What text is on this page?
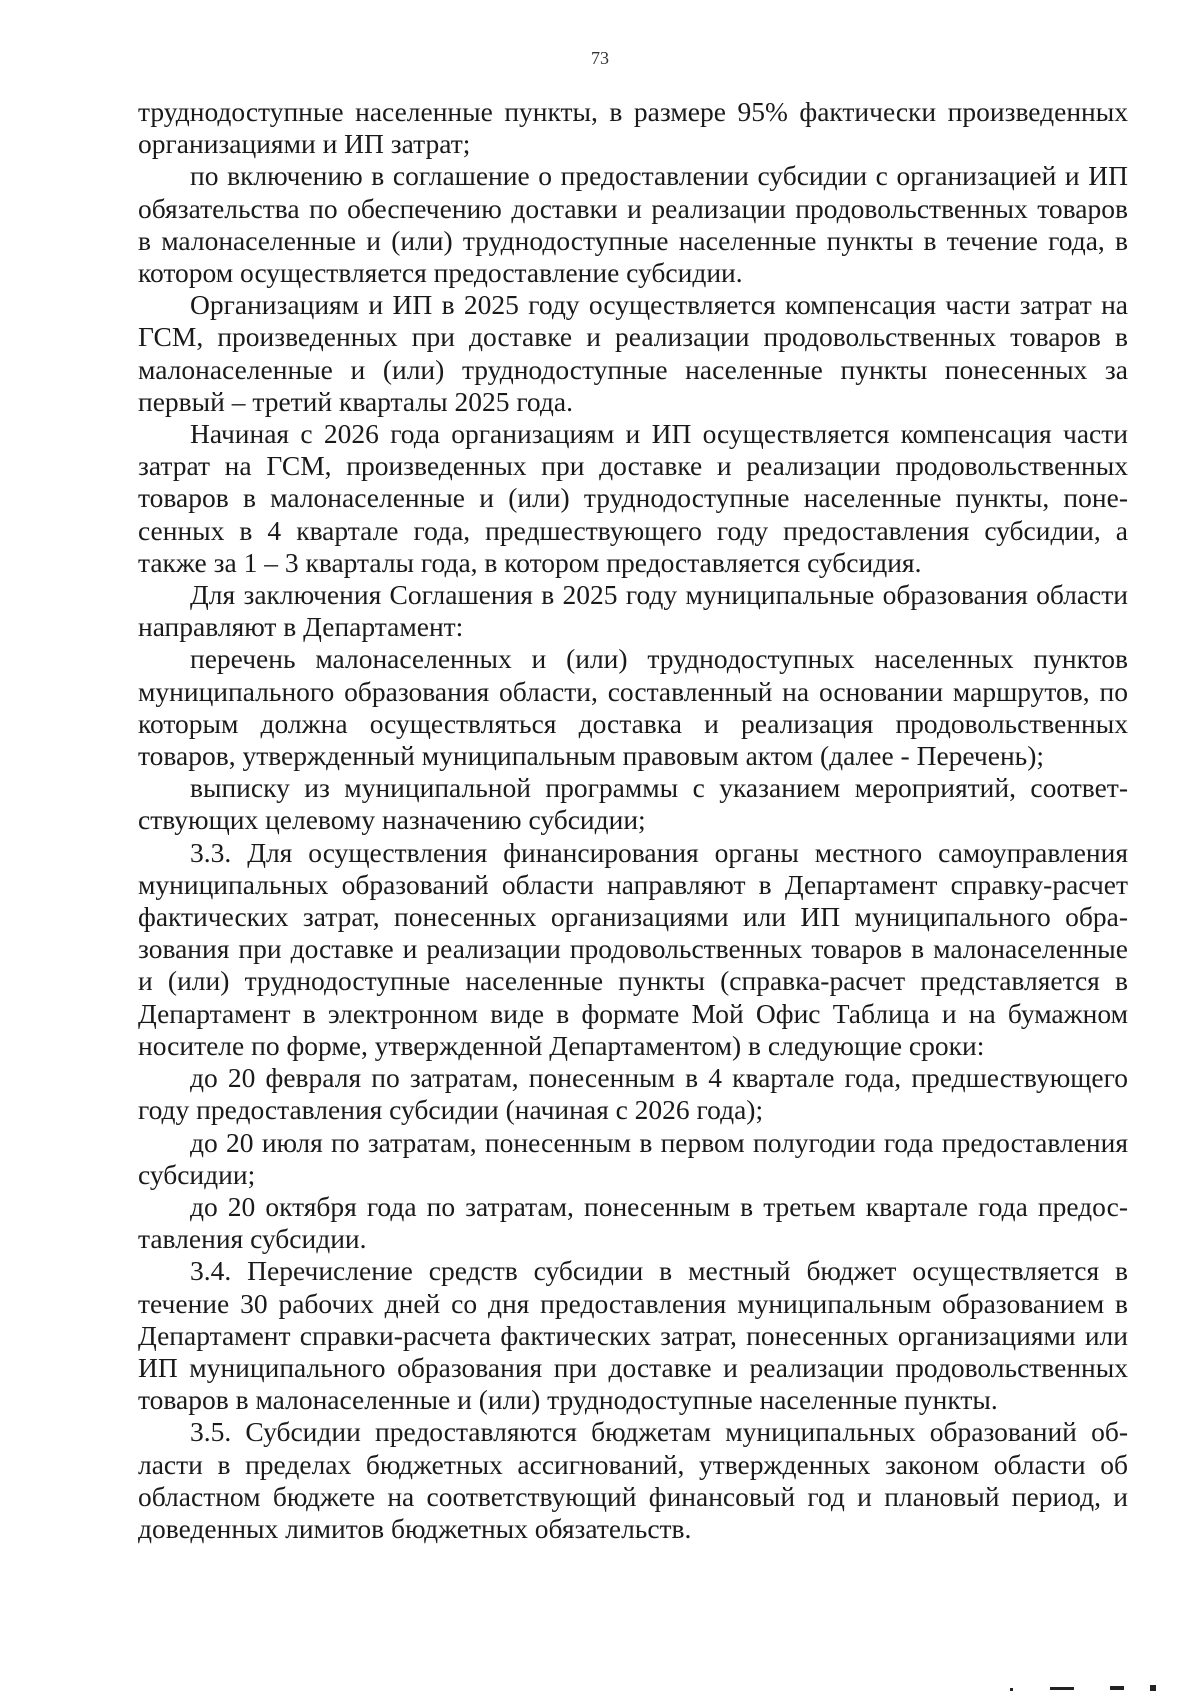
73

труднодоступные населенные пункты, в размере 95% фактически произведенных организациями и ИП затрат;

по включению в соглашение о предоставлении субсидии с организацией и ИП обязательства по обеспечению доставки и реализации продовольственных товаров в малонаселенные и (или) труднодоступные населенные пункты в течение года, в котором осуществляется предоставление субсидии.

Организациям и ИП в 2025 году осуществляется компенсация части затрат на ГСМ, произведенных при доставке и реализации продовольственных товаров в малонаселенные и (или) труднодоступные населенные пункты понесенных за первый – третий кварталы 2025 года.

Начиная с 2026 года организациям и ИП осуществляется компенсация части затрат на ГСМ, произведенных при доставке и реализации продовольственных товаров в малонаселенные и (или) труднодоступные населенные пункты, понесенных в 4 квартале года, предшествующего году предоставления субсидии, а также за 1 – 3 кварталы года, в котором предоставляется субсидия.

Для заключения Соглашения в 2025 году муниципальные образования области направляют в Департамент:

перечень малонаселенных и (или) труднодоступных населенных пунктов муниципального образования области, составленный на основании маршрутов, по которым должна осуществляться доставка и реализация продовольственных товаров, утвержденный муниципальным правовым актом (далее - Перечень);

выписку из муниципальной программы с указанием мероприятий, соответствующих целевому назначению субсидии;

3.3. Для осуществления финансирования органы местного самоуправления муниципальных образований области направляют в Департамент справку-расчет фактических затрат, понесенных организациями или ИП муниципального образования при доставке и реализации продовольственных товаров в малонаселенные и (или) труднодоступные населенные пункты (справка-расчет представляется в Департамент в электронном виде в формате Мой Офис Таблица и на бумажном носителе по форме, утвержденной Департаментом) в следующие сроки:

до 20 февраля по затратам, понесенным в 4 квартале года, предшествующего году предоставления субсидии (начиная с 2026 года);

до 20 июля по затратам, понесенным в первом полугодии года предоставления субсидии;

до 20 октября года по затратам, понесенным в третьем квартале года предоставления субсидии.

3.4. Перечисление средств субсидии в местный бюджет осуществляется в течение 30 рабочих дней со дня предоставления муниципальным образованием в Департамент справки-расчета фактических затрат, понесенных организациями или ИП муниципального образования при доставке и реализации продовольственных товаров в малонаселенные и (или) труднодоступные населенные пункты.

3.5. Субсидии предоставляются бюджетам муниципальных образований области в пределах бюджетных ассигнований, утвержденных законом области об областном бюджете на соответствующий финансовый год и плановый период, и доведенных лимитов бюджетных обязательств.
